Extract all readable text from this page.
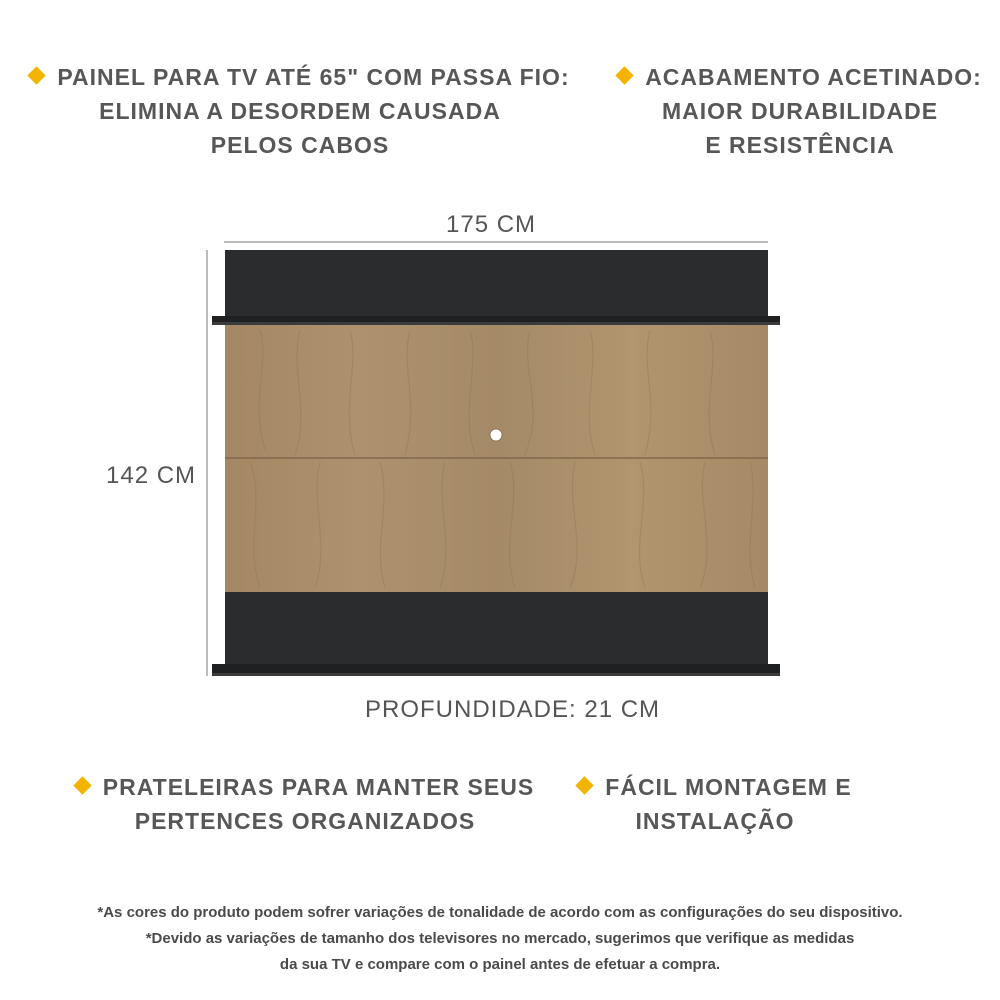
PAINEL PARA TV ATÉ 65" COM PASSA FIO:
ELIMINA A DESORDEM CAUSADA
PELOS CABOS
ACABAMENTO ACETINADO:
MAIOR DURABILIDADE
E RESISTÊNCIA
175 CM
142 CM
PROFUNDIDADE: 21 CM
PRATELEIRAS PARA MANTER SEUS
PERTENCES ORGANIZADOS
FÁCIL MONTAGEM E
INSTALAÇÃO
*As cores do produto podem sofrer variações de tonalidade de acordo com as configurações do seu dispositivo.
*Devido as variações de tamanho dos televisores no mercado, sugerimos que verifique as medidas
da sua TV e compare com o painel antes de efetuar a compra.
